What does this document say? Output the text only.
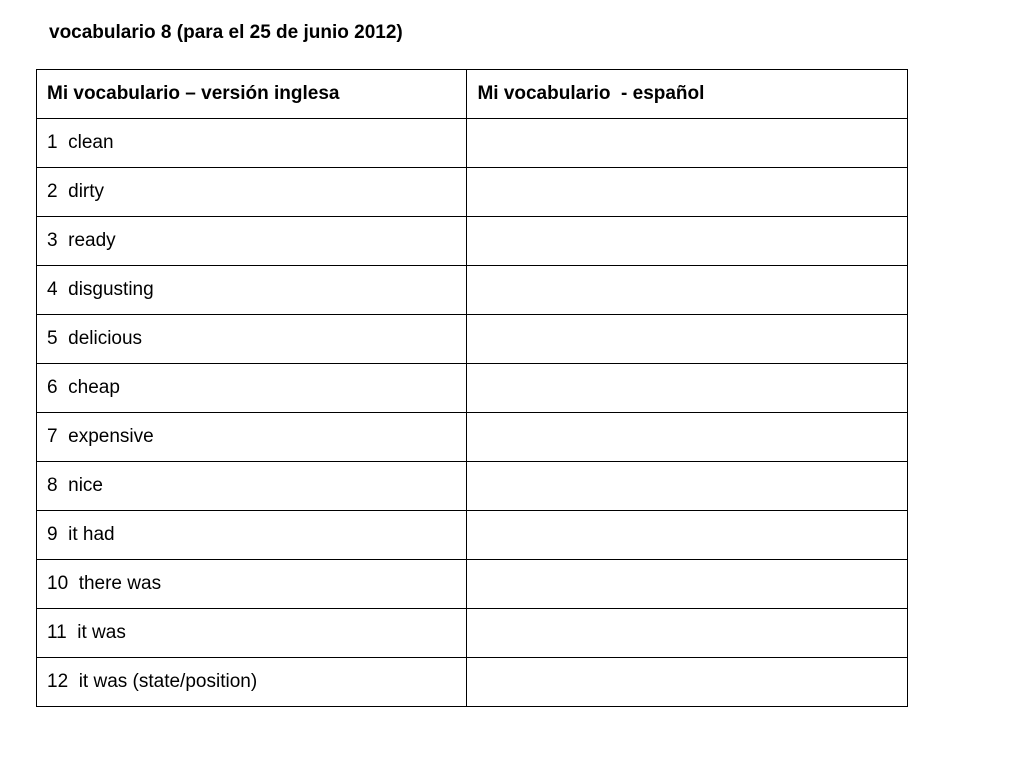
vocabulario 8 (para el 25 de junio 2012)
Mi vocabulario – versión inglesa	Mi vocabulario  - español
1  clean	
2  dirty	
3  ready	
4  disgusting	
5  delicious	
6  cheap	
7  expensive	
8  nice	
9  it had	
10  there was	
11  it was	
12  it was (state/position)	
